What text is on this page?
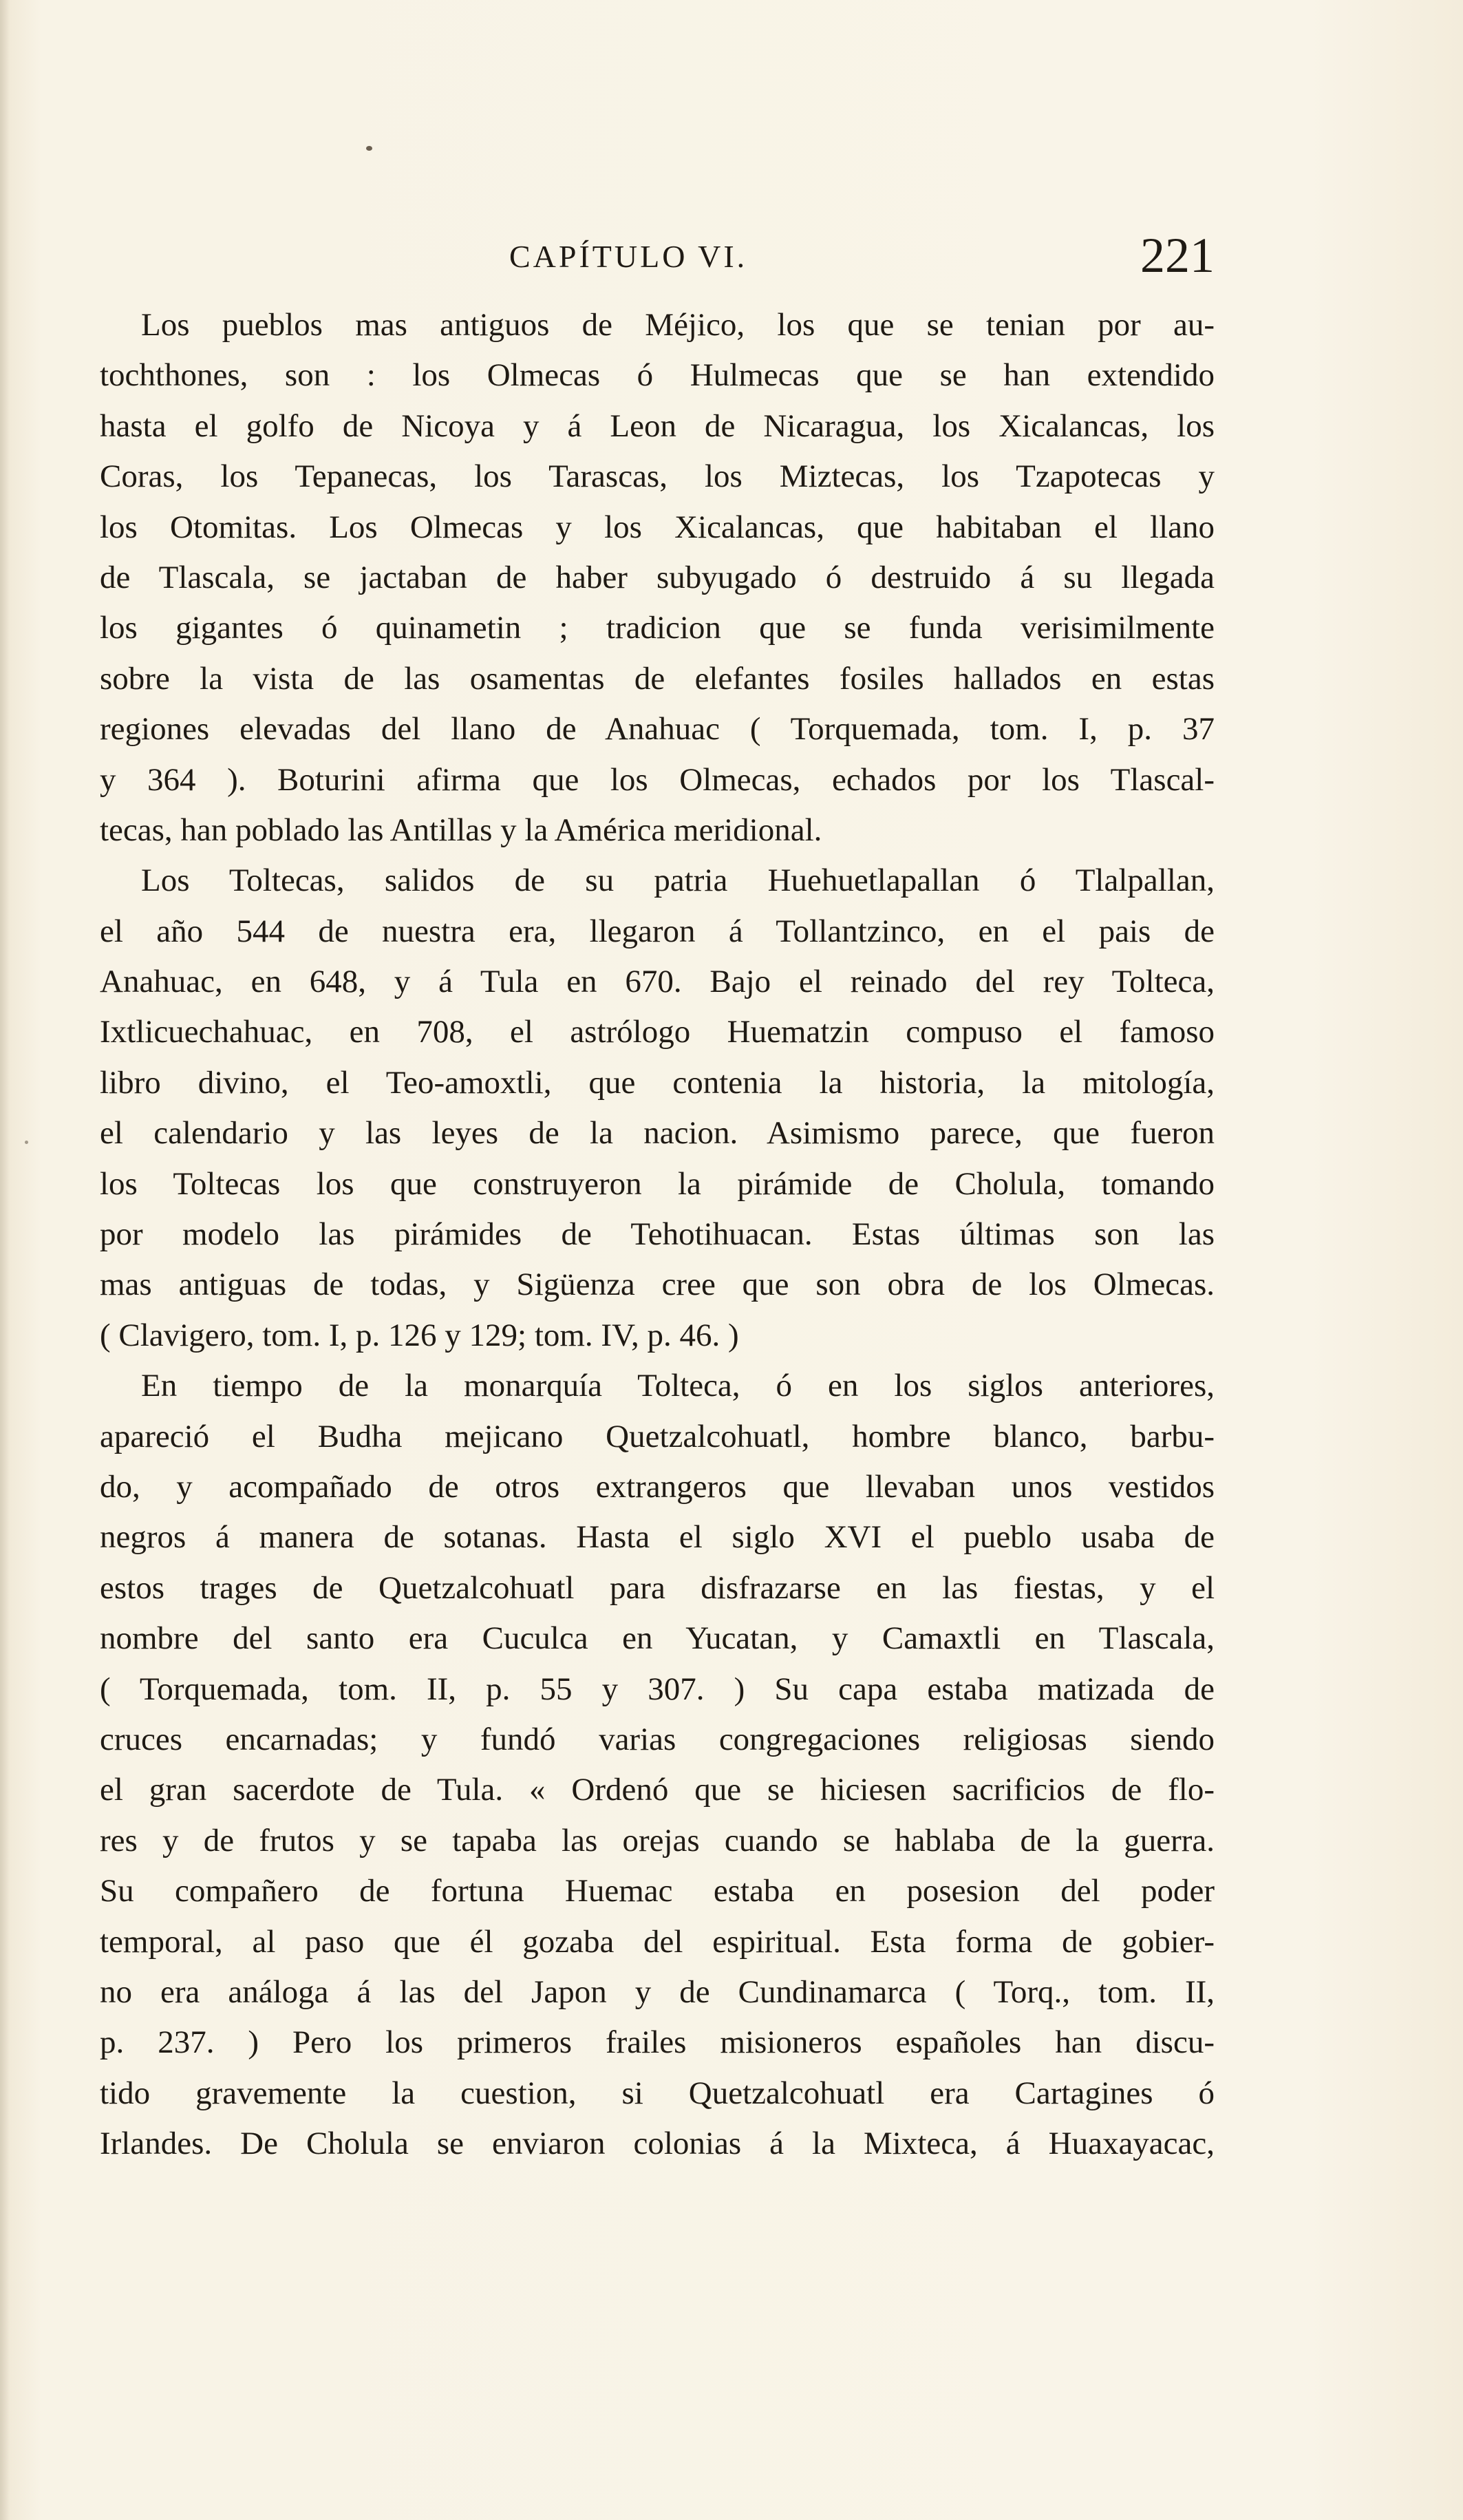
CAPÍTULO VI.	221
Los pueblos mas antiguos de Méjico, los que se tenian por au-
tochthones, son : los Olmecas ó Hulmecas que se han extendido
hasta el golfo de Nicoya y á Leon de Nicaragua, los Xicalancas, los
Coras, los Tepanecas, los Tarascas, los Miztecas, los Tzapotecas y
los Otomitas. Los Olmecas y los Xicalancas, que habitaban el llano
de Tlascala, se jactaban de haber subyugado ó destruido á su llegada
los gigantes ó quinametin ; tradicion que se funda verisimilmente
sobre la vista de las osamentas de elefantes fosiles hallados en estas
regiones elevadas del llano de Anahuac ( Torquemada, tom. I, p. 37
y 364 ). Boturini afirma que los Olmecas, echados por los Tlascal-
tecas, han poblado las Antillas y la América meridional.
Los Toltecas, salidos de su patria Huehuetlapallan ó Tlalpallan,
el año 544 de nuestra era, llegaron á Tollantzinco, en el pais de
Anahuac, en 648, y á Tula en 670. Bajo el reinado del rey Tolteca,
Ixtlicuechahuac, en 708, el astrólogo Huematzin compuso el famoso
libro divino, el Teo-amoxtli, que contenia la historia, la mitología,
el calendario y las leyes de la nacion. Asimismo parece, que fueron
los Toltecas los que construyeron la pirámide de Cholula, tomando
por modelo las pirámides de Tehotihuacan. Estas últimas son las
mas antiguas de todas, y Sigüenza cree que son obra de los Olmecas.
( Clavigero, tom. I, p. 126 y 129; tom. IV, p. 46. )
En tiempo de la monarquía Tolteca, ó en los siglos anteriores,
apareció el Budha mejicano Quetzalcohuatl, hombre blanco, barbu-
do, y acompañado de otros extrangeros que llevaban unos vestidos
negros á manera de sotanas. Hasta el siglo XVI el pueblo usaba de
estos trages de Quetzalcohuatl para disfrazarse en las fiestas, y el
nombre del santo era Cuculca en Yucatan, y Camaxtli en Tlascala,
( Torquemada, tom. II, p. 55 y 307. ) Su capa estaba matizada de
cruces encarnadas; y fundó varias congregaciones religiosas siendo
el gran sacerdote de Tula. « Ordenó que se hiciesen sacrificios de flo-
res y de frutos y se tapaba las orejas cuando se hablaba de la guerra.
Su compañero de fortuna Huemac estaba en posesion del poder
temporal, al paso que él gozaba del espiritual. Esta forma de gobier-
no era análoga á las del Japon y de Cundinamarca ( Torq., tom. II,
p. 237. ) Pero los primeros frailes misioneros españoles han discu-
tido gravemente la cuestion, si Quetzalcohuatl era Cartagines ó
Irlandes. De Cholula se enviaron colonias á la Mixteca, á Huaxayacac,
